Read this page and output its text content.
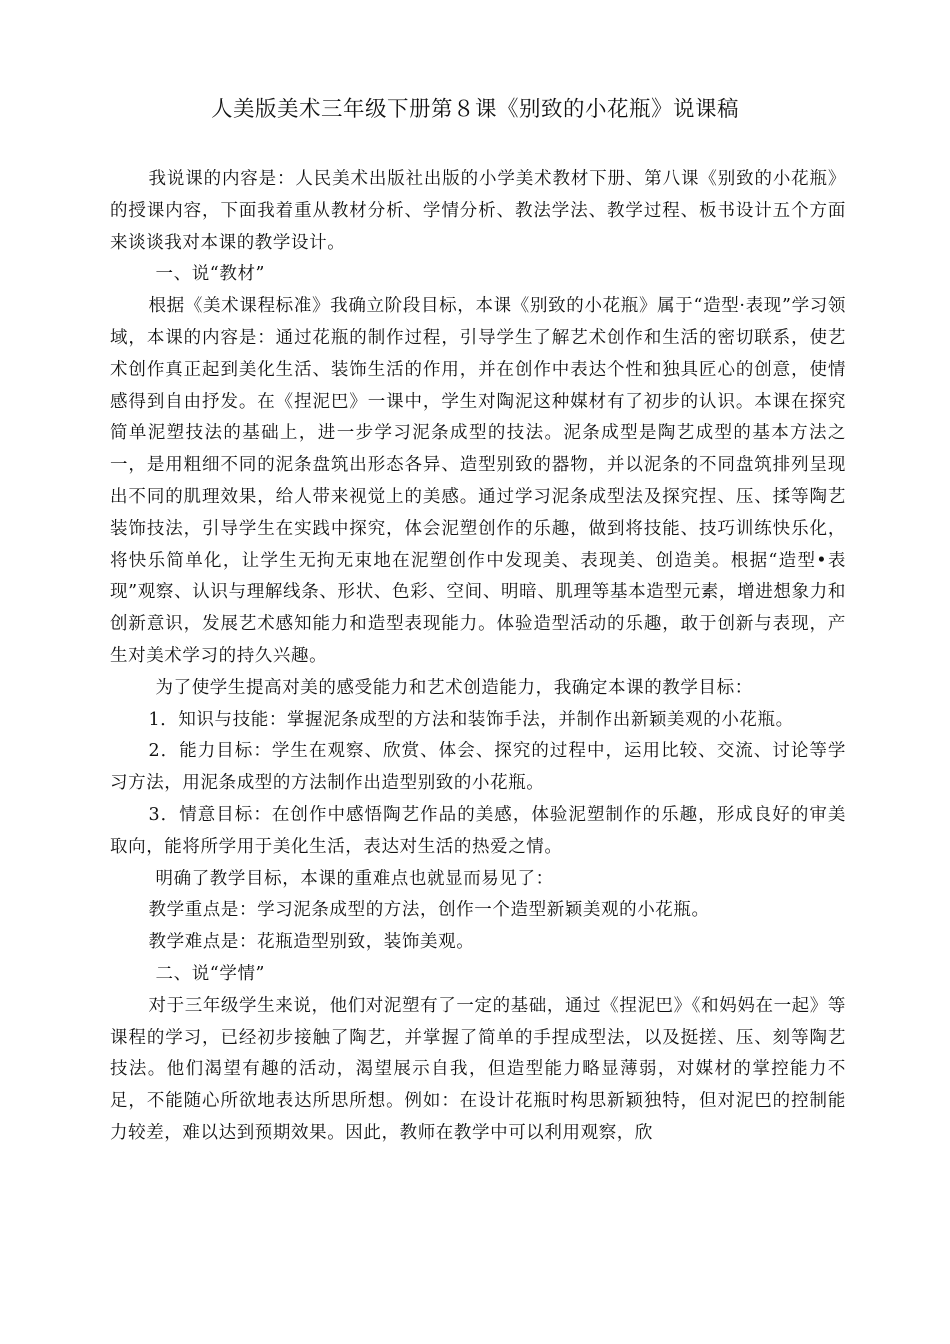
人美版美术三年级下册第８课《别致的小花瓶》说课稿

我说课的内容是：人民美术出版社出版的小学美术教材下册、第八课《别致的小花瓶》的授课内容，下面我着重从教材分析、学情分析、教法学法、教学过程、板书设计五个方面来谈谈我对本课的教学设计。

一、说“教材”

根据《美术课程标准》我确立阶段目标，本课《别致的小花瓶》属于“造型·表现”学习领域，本课的内容是：通过花瓶的制作过程，引导学生了解艺术创作和生活的密切联系，使艺术创作真正起到美化生活、装饰生活的作用，并在创作中表达个性和独具匠心的创意，使情感得到自由抒发。在《捏泥巴》一课中，学生对陶泥这种媒材有了初步的认识。本课在探究简单泥塑技法的基础上，进一步学习泥条成型的技法。泥条成型是陶艺成型的基本方法之一，是用粗细不同的泥条盘筑出形态各异、造型别致的器物，并以泥条的不同盘筑排列呈现出不同的肌理效果，给人带来视觉上的美感。通过学习泥条成型法及探究捏、压、揉等陶艺装饰技法，引导学生在实践中探究，体会泥塑创作的乐趣，做到将技能、技巧训练快乐化，将快乐简单化，让学生无拘无束地在泥塑创作中发现美、表现美、创造美。根据“造型•表现”观察、认识与理解线条、形状、色彩、空间、明暗、肌理等基本造型元素，增进想象力和创新意识，发展艺术感知能力和造型表现能力。体验造型活动的乐趣，敢于创新与表现，产生对美术学习的持久兴趣。

为了使学生提高对美的感受能力和艺术创造能力，我确定本课的教学目标：

1．知识与技能：掌握泥条成型的方法和装饰手法，并制作出新颖美观的小花瓶。

2．能力目标：学生在观察、欣赏、体会、探究的过程中，运用比较、交流、讨论等学习方法，用泥条成型的方法制作出造型别致的小花瓶。

3．情意目标：在创作中感悟陶艺作品的美感，体验泥塑制作的乐趣，形成良好的审美取向，能将所学用于美化生活，表达对生活的热爱之情。

明确了教学目标，本课的重难点也就显而易见了：

教学重点是：学习泥条成型的方法，创作一个造型新颖美观的小花瓶。

教学难点是：花瓶造型别致，装饰美观。

二、说“学情”

对于三年级学生来说，他们对泥塑有了一定的基础，通过《捏泥巴》《和妈妈在一起》等课程的学习，已经初步接触了陶艺，并掌握了简单的手捏成型法，以及挺搓、压、刻等陶艺技法。他们渴望有趣的活动，渴望展示自我，但造型能力略显薄弱，对媒材的掌控能力不足，不能随心所欲地表达所思所想。例如：在设计花瓶时构思新颖独特，但对泥巴的控制能力较差，难以达到预期效果。因此，教师在教学中可以利用观察，欣
